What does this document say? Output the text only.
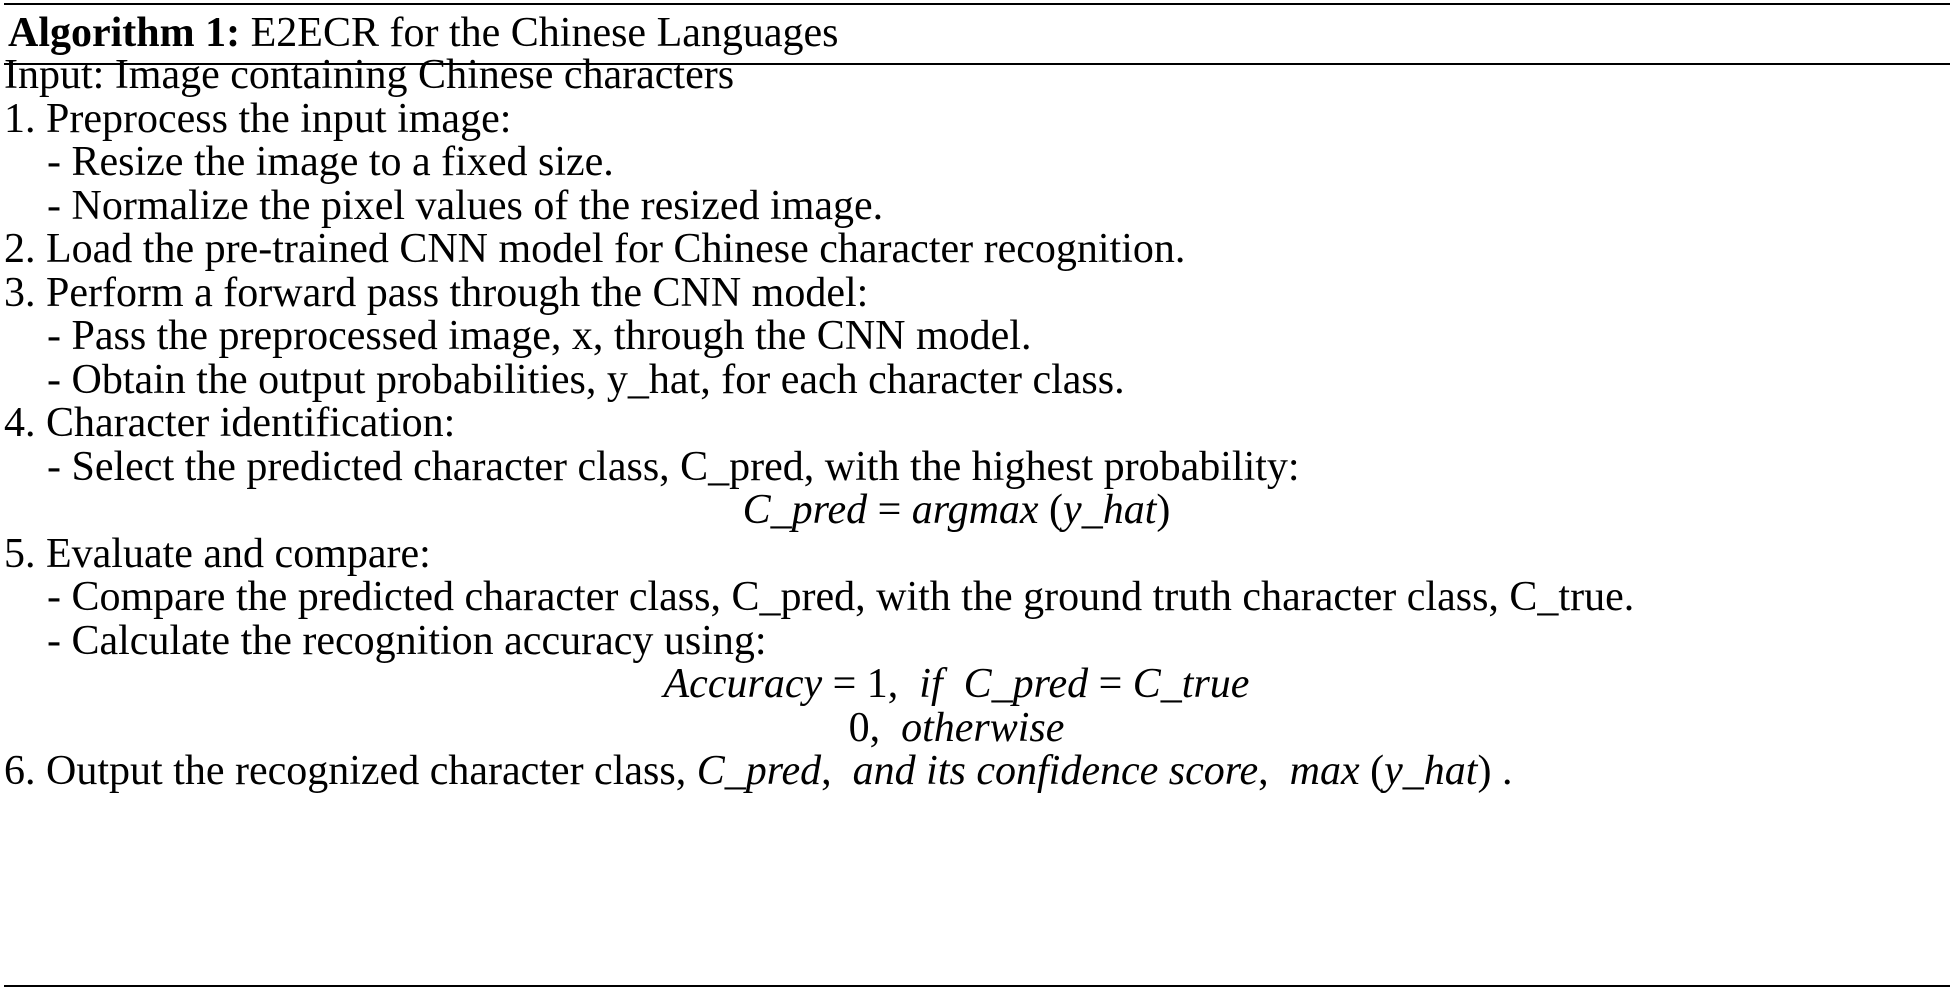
Algorithm 1: E2ECR for the Chinese Languages
Input: Image containing Chinese characters
1. Preprocess the input image:
- Resize the image to a fixed size.
- Normalize the pixel values of the resized image.
2. Load the pre-trained CNN model for Chinese character recognition.
3. Perform a forward pass through the CNN model:
- Pass the preprocessed image, x, through the CNN model.
- Obtain the output probabilities, y_hat, for each character class.
4. Character identification:
- Select the predicted character class, C_pred, with the highest probability:
C_pred = argmax (y_hat)
5. Evaluate and compare:
- Compare the predicted character class, C_pred, with the ground truth character class, C_true.
- Calculate the recognition accuracy using:
Accuracy = 1, if C_pred = C_true
0, otherwise
6. Output the recognized character class, C_pred, and its confidence score, max (y_hat) .
